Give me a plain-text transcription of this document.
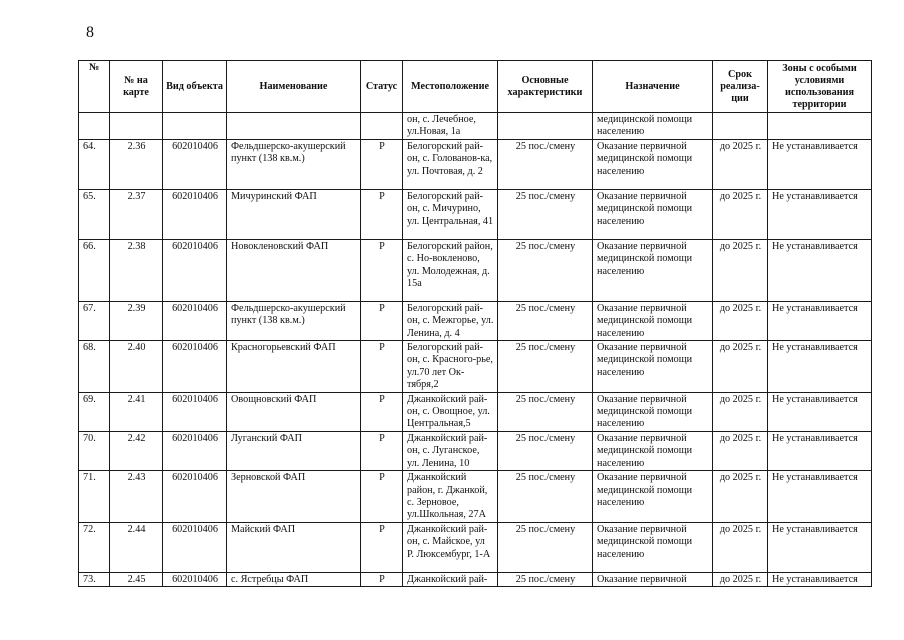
8
№	№ на карте	Вид объекта	Наименование	Статус	Местоположение	Основные характеристики	Назначение	Срок реализа-ции	Зоны с особыми условиями использования территории
					он, с. Лечебное, ул.Новая, 1а		медицинской помощи населению		
64.	2.36	602010406	Фельдшерско-акушерский пункт (138 кв.м.)	Р	Белогорский рай-он, с. Голованов-ка, ул. Почтовая, д. 2	25 пос./смену	Оказание первичной медицинской помощи населению	до 2025 г.	Не устанавливается
65.	2.37	602010406	Мичуринский ФАП	Р	Белогорский рай-он, с. Мичурино, ул. Центральная, 41	25 пос./смену	Оказание первичной медицинской помощи населению	до 2025 г.	Не устанавливается
66.	2.38	602010406	Новокленовский ФАП	Р	Белогорский район, с. Но-вокленово, ул. Молодежная, д. 15а	25 пос./смену	Оказание первичной медицинской помощи населению	до 2025 г.	Не устанавливается
67.	2.39	602010406	Фельдшерско-акушерский пункт (138 кв.м.)	Р	Белогорский рай-он, с. Межгорье, ул. Ленина, д. 4	25 пос./смену	Оказание первичной медицинской помощи населению	до 2025 г.	Не устанавливается
68.	2.40	602010406	Красногорьевский ФАП	Р	Белогорский рай-он, с. Красного-рье, ул.70 лет Ок-тября,2	25 пос./смену	Оказание первичной медицинской помощи населению	до 2025 г.	Не устанавливается
69.	2.41	602010406	Овощновский ФАП	Р	Джанкойский рай-он, с. Овощное, ул. Центральная,5	25 пос./смену	Оказание первичной медицинской помощи населению	до 2025 г.	Не устанавливается
70.	2.42	602010406	Луганский ФАП	Р	Джанкойский рай-он, с. Луганское, ул. Ленина, 10	25 пос./смену	Оказание первичной медицинской помощи населению	до 2025 г.	Не устанавливается
71.	2.43	602010406	Зерновской ФАП	Р	Джанкойский район, г. Джанкой, с. Зерновое, ул.Школьная, 27А	25 пос./смену	Оказание первичной медицинской помощи населению	до 2025 г.	Не устанавливается
72.	2.44	602010406	Майский ФАП	Р	Джанкойский рай-он, с. Майское, ул Р. Люксембург, 1-А	25 пос./смену	Оказание первичной медицинской помощи населению	до 2025 г.	Не устанавливается
73.	2.45	602010406	с. Ястребцы ФАП	Р	Джанкойский рай-	25 пос./смену	Оказание первичной	до 2025 г.	Не устанавливается
